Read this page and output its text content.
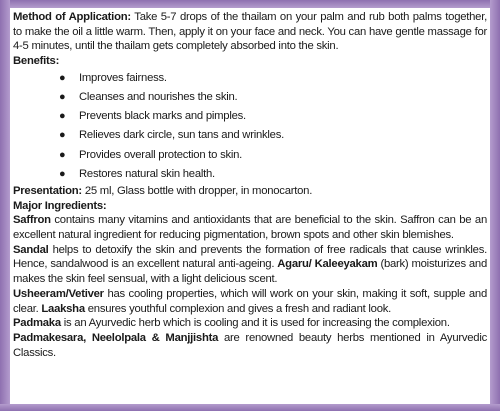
Method of Application: Take 5-7 drops of the thailam on your palm and rub both palms together, to make the oil a little warm. Then, apply it on your face and neck. You can have gentle massage for 4-5 minutes, until the thailam gets completely absorbed into the skin.

Benefits:
● Improves fairness.
● Cleanses and nourishes the skin.
● Prevents black marks and pimples.
● Relieves dark circle, sun tans and wrinkles.
● Provides overall protection to skin.
● Restores natural skin health.

Presentation: 25 ml, Glass bottle with dropper, in monocarton.

Major Ingredients:

Saffron contains many vitamins and antioxidants that are beneficial to the skin. Saffron can be an excellent natural ingredient for reducing pigmentation, brown spots and other skin blemishes.

Sandal helps to detoxify the skin and prevents the formation of free radicals that cause wrinkles. Hence, sandalwood is an excellent natural anti-ageing. Agaru/ Kaleeyakam (bark) moisturizes and makes the skin feel sensual, with a light delicious scent.

Usheeram/Vetiver has cooling properties, which will work on your skin, making it soft, supple and clear. Laaksha ensures youthful complexion and gives a fresh and radiant look.

Padmaka is an Ayurvedic herb which is cooling and it is used for increasing the complexion.

Padmakesara, Neelolpala & Manjjishta are renowned beauty herbs mentioned in Ayurvedic Classics.
